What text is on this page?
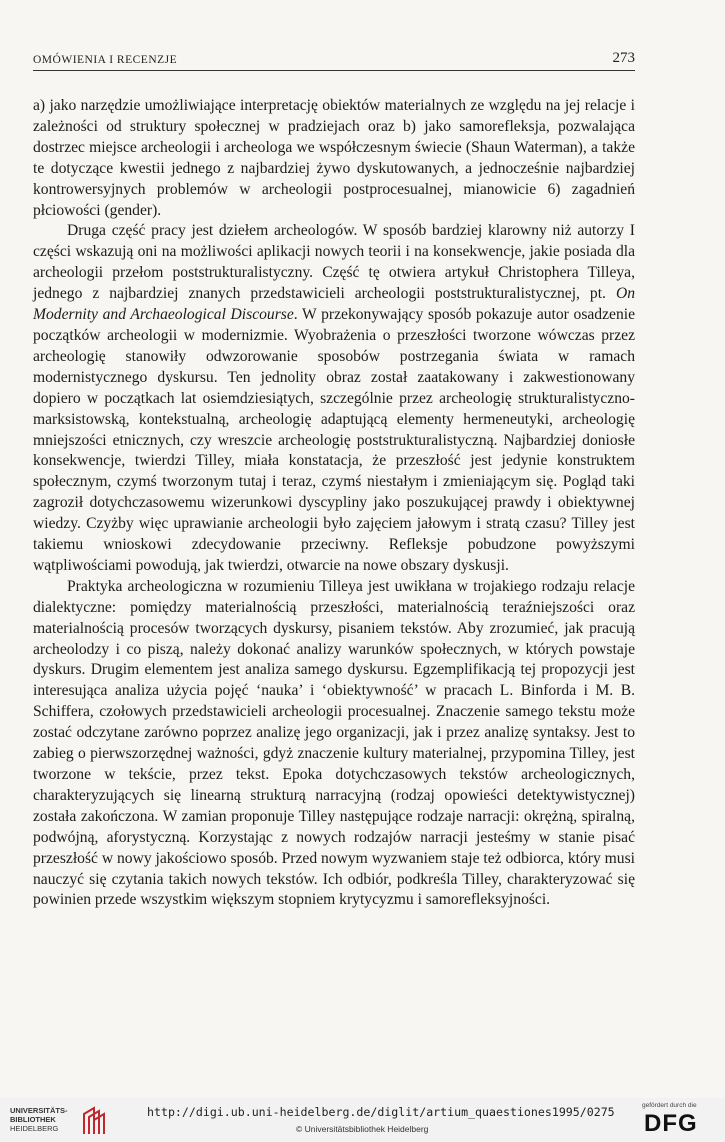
OMÓWIENIA I RECENZJE	273

a) jako narzędzie umożliwiające interpretację obiektów materialnych ze względu na jej relacje i zależności od struktury społecznej w pradziejach oraz b) jako samorefleksja, pozwalająca dostrzec miejsce archeologii i archeologa we współczesnym świecie (Shaun Waterman), a także te dotyczące kwestii jednego z najbardziej żywo dyskutowanych, a jednocześnie najbardziej kontrowersyjnych problemów w archeologii postprocesualnej, mianowicie 6) zagadnień płciowości (gender).

Druga część pracy jest dziełem archeologów. W sposób bardziej klarowny niż autorzy I części wskazują oni na możliwości aplikacji nowych teorii i na konsekwencje, jakie posiada dla archeologii przełom poststrukturalistyczny. Część tę otwiera artykuł Christophera Tilleya, jednego z najbardziej znanych przedstawicieli archeologii poststrukturalistycznej, pt. On Modernity and Archaeological Discourse. W przekonywający sposób pokazuje autor osadzenie początków archeologii w modernizmie. Wyobrażenia o przeszłości tworzone wówczas przez archeologię stanowiły odwzorowanie sposobów postrzegania świata w ramach modernistycznego dyskursu. Ten jednolity obraz został zaatakowany i zakwestionowany dopiero w początkach lat osiemdziesiątych, szczególnie przez archeologię strukturalistyczno-marksistowską, kontekstualną, archeologię adaptującą elementy hermeneutyki, archeologię mniejszości etnicznych, czy wreszcie archeologię poststrukturalistyczną. Najbardziej doniosłe konsekwencje, twierdzi Tilley, miała konstatacja, że przeszłość jest jedynie konstruktem społecznym, czymś tworzonym tutaj i teraz, czymś niestałym i zmieniającym się. Pogląd taki zagroził dotychczasowemu wizerunkowi dyscypliny jako poszukującej prawdy i obiektywnej wiedzy. Czyżby więc uprawianie archeologii było zajęciem jałowym i stratą czasu? Tilley jest takiemu wnioskowi zdecydowanie przeciwny. Refleksje pobudzone powyższymi wątpliwościami powodują, jak twierdzi, otwarcie na nowe obszary dyskusji.

Praktyka archeologiczna w rozumieniu Tilleya jest uwikłana w trojakiego rodzaju relacje dialektyczne: pomiędzy materialnością przeszłości, materialnością teraźniejszości oraz materialnością procesów tworzących dyskursy, pisaniem tekstów. Aby zrozumieć, jak pracują archeolodzy i co piszą, należy dokonać analizy warunków społecznych, w których powstaje dyskurs. Drugim elementem jest analiza samego dyskursu. Egzemplifikacją tej propozycji jest interesująca analiza użycia pojęć ‘nauka’ i ‘obiektywność’ w pracach L. Binforda i M. B. Schiffera, czołowych przedstawicieli archeologii procesualnej. Znaczenie samego tekstu może zostać odczytane zarówno poprzez analizę jego organizacji, jak i przez analizę syntaksy. Jest to zabieg o pierwszorzędnej ważności, gdyż znaczenie kultury materialnej, przypomina Tilley, jest tworzone w tekście, przez tekst. Epoka dotychczasowych tekstów archeologicznych, charakteryzujących się linearną strukturą narracyjną (rodzaj opowieści detektywistycznej) została zakończona. W zamian proponuje Tilley następujące rodzaje narracji: okrężną, spiralną, podwójną, aforystyczną. Korzystając z nowych rodzajów narracji jesteśmy w stanie pisać przeszłość w nowy jakościowo sposób. Przed nowym wyzwaniem staje też odbiorca, który musi nauczyć się czytania takich nowych tekstów. Ich odbiór, podkreśla Tilley, charakteryzować się powinien przede wszystkim większym stopniem krytycyzmu i samorefleksyjności.

UNIVERSITÄTS-
BIBLIOTHEK
HEIDELBERG
http://digi.ub.uni-heidelberg.de/diglit/artium_quaestiones1995/0275
© Universitätsbibliothek Heidelberg
gefördert durch die
DFG
